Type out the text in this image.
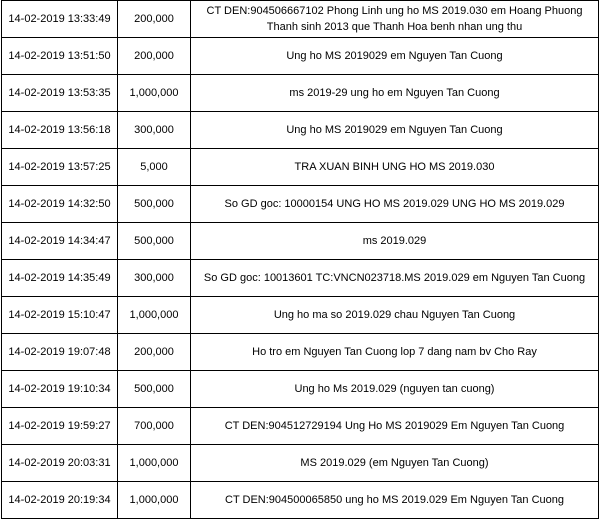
14-02-2019 13:33:49	200,000	CT DEN:904506667102 Phong Linh ung ho MS 2019.030 em Hoang Phuong Thanh sinh 2013 que Thanh Hoa benh nhan ung thu
14-02-2019 13:51:50	200,000	Ung ho MS 2019029 em Nguyen Tan Cuong
14-02-2019 13:53:35	1,000,000	ms 2019-29 ung ho em Nguyen Tan Cuong
14-02-2019 13:56:18	300,000	Ung ho MS 2019029 em Nguyen Tan Cuong
14-02-2019 13:57:25	5,000	TRA XUAN BINH UNG HO MS 2019.030
14-02-2019 14:32:50	500,000	So GD goc: 10000154 UNG HO MS 2019.029 UNG HO MS 2019.029
14-02-2019 14:34:47	500,000	ms 2019.029
14-02-2019 14:35:49	300,000	So GD goc: 10013601 TC:VNCN023718.MS 2019.029 em Nguyen Tan Cuong
14-02-2019 15:10:47	1,000,000	Ung ho ma so 2019.029 chau Nguyen Tan Cuong
14-02-2019 19:07:48	200,000	Ho tro em Nguyen Tan Cuong lop 7 dang nam bv Cho Ray
14-02-2019 19:10:34	500,000	Ung ho Ms 2019.029 (nguyen tan cuong)
14-02-2019 19:59:27	700,000	CT DEN:904512729194 Ung Ho MS 2019029 Em Nguyen Tan Cuong
14-02-2019 20:03:31	1,000,000	MS 2019.029 (em Nguyen Tan Cuong)
14-02-2019 20:19:34	1,000,000	CT DEN:904500065850 ung ho MS 2019.029 Em Nguyen Tan Cuong
